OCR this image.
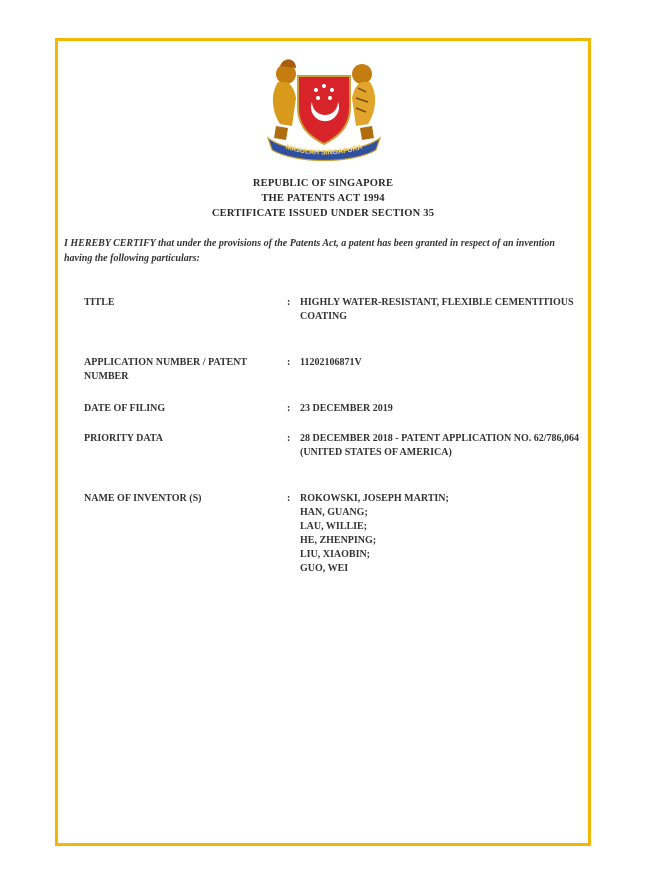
MAJULAH SINGAPURA
REPUBLIC OF SINGAPORE
THE PATENTS ACT 1994
CERTIFICATE ISSUED UNDER SECTION 35
I HEREBY CERTIFY that under the provisions of the Patents Act, a patent has been granted in respect of an invention having the following particulars:
TITLE	: HIGHLY WATER-RESISTANT, FLEXIBLE CEMENTITIOUS COATING
APPLICATION NUMBER / PATENT NUMBER
: 11202106871V
DATE OF FILING	: 23 DECEMBER 2019
PRIORITY DATA	: 28 DECEMBER 2018 - PATENT APPLICATION NO. 62/786,064 (UNITED STATES OF AMERICA)
NAME OF INVENTOR (S)	: ROKOWSKI, JOSEPH MARTIN;
HAN, GUANG;
LAU, WILLIE;
HE, ZHENPING;
LIU, XIAOBIN;
GUO, WEI
